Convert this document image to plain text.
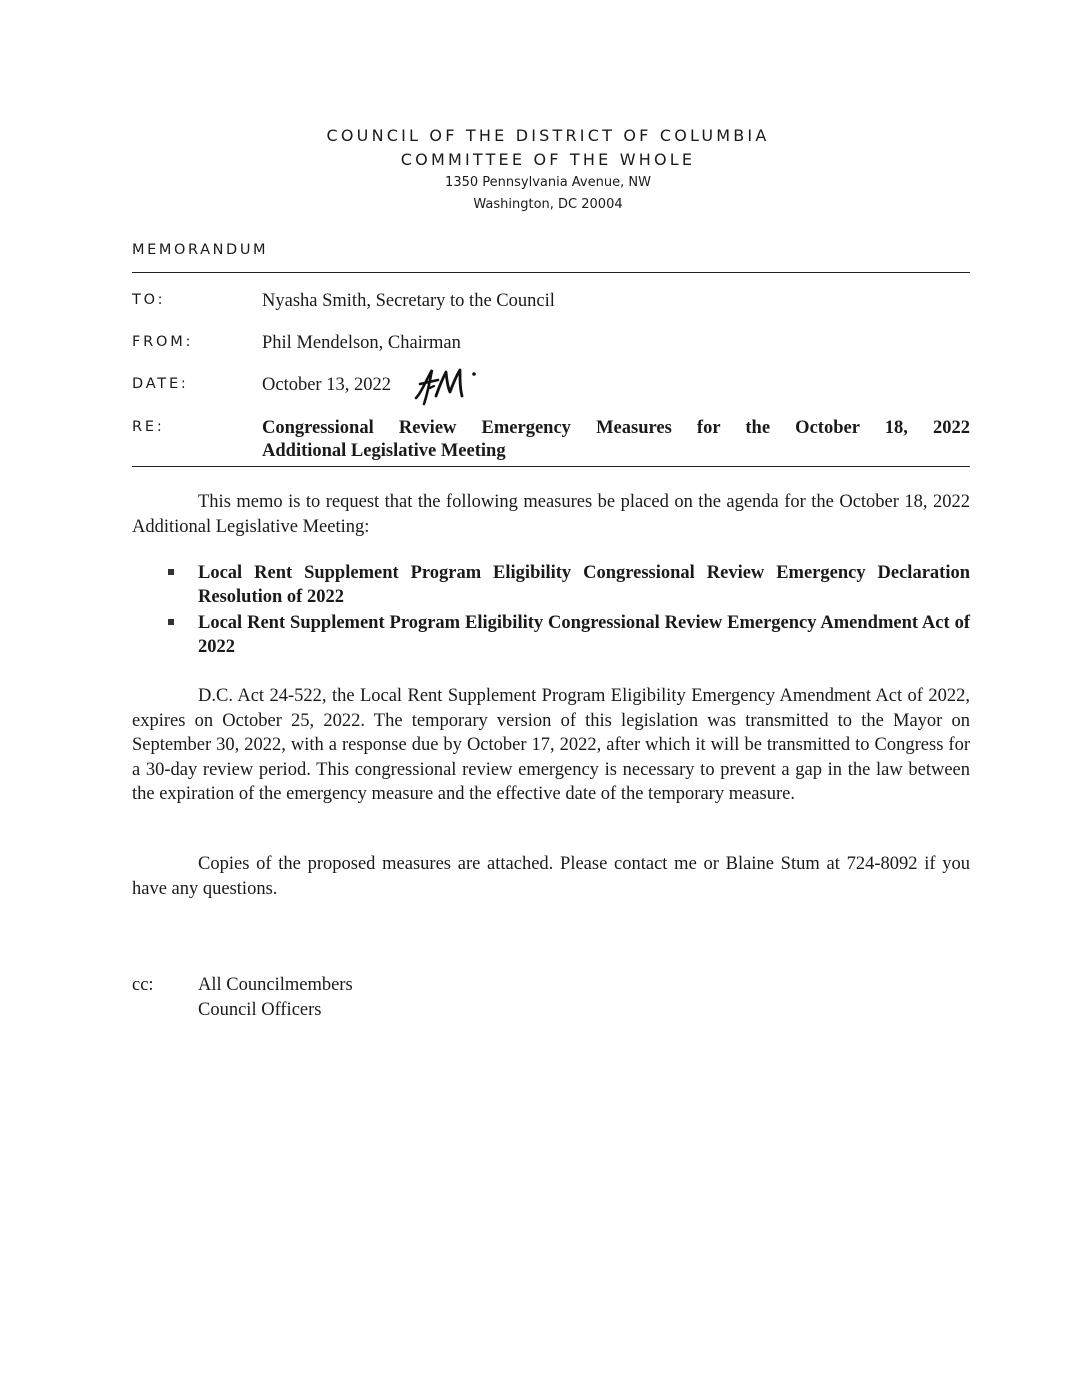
COUNCIL OF THE DISTRICT OF COLUMBIA
COMMITTEE OF THE WHOLE
1350 Pennsylvania Avenue, NW
Washington, DC 20004
MEMORANDUM
TO:	Nyasha Smith, Secretary to the Council
FROM:	Phil Mendelson, Chairman
DATE:	October 13, 2022
RE:	Congressional Review Emergency Measures for the October 18, 2022
Additional Legislative Meeting
This memo is to request that the following measures be placed on the agenda for the October 18, 2022 Additional Legislative Meeting:
Local Rent Supplement Program Eligibility Congressional Review Emergency Declaration Resolution of 2022
Local Rent Supplement Program Eligibility Congressional Review Emergency Amendment Act of 2022
D.C. Act 24-522, the Local Rent Supplement Program Eligibility Emergency Amendment Act of 2022, expires on October 25, 2022. The temporary version of this legislation was transmitted to the Mayor on September 30, 2022, with a response due by October 17, 2022, after which it will be transmitted to Congress for a 30-day review period. This congressional review emergency is necessary to prevent a gap in the law between the expiration of the emergency measure and the effective date of the temporary measure.
Copies of the proposed measures are attached. Please contact me or Blaine Stum at 724-8092 if you have any questions.
cc: All Councilmembers
Council Officers
